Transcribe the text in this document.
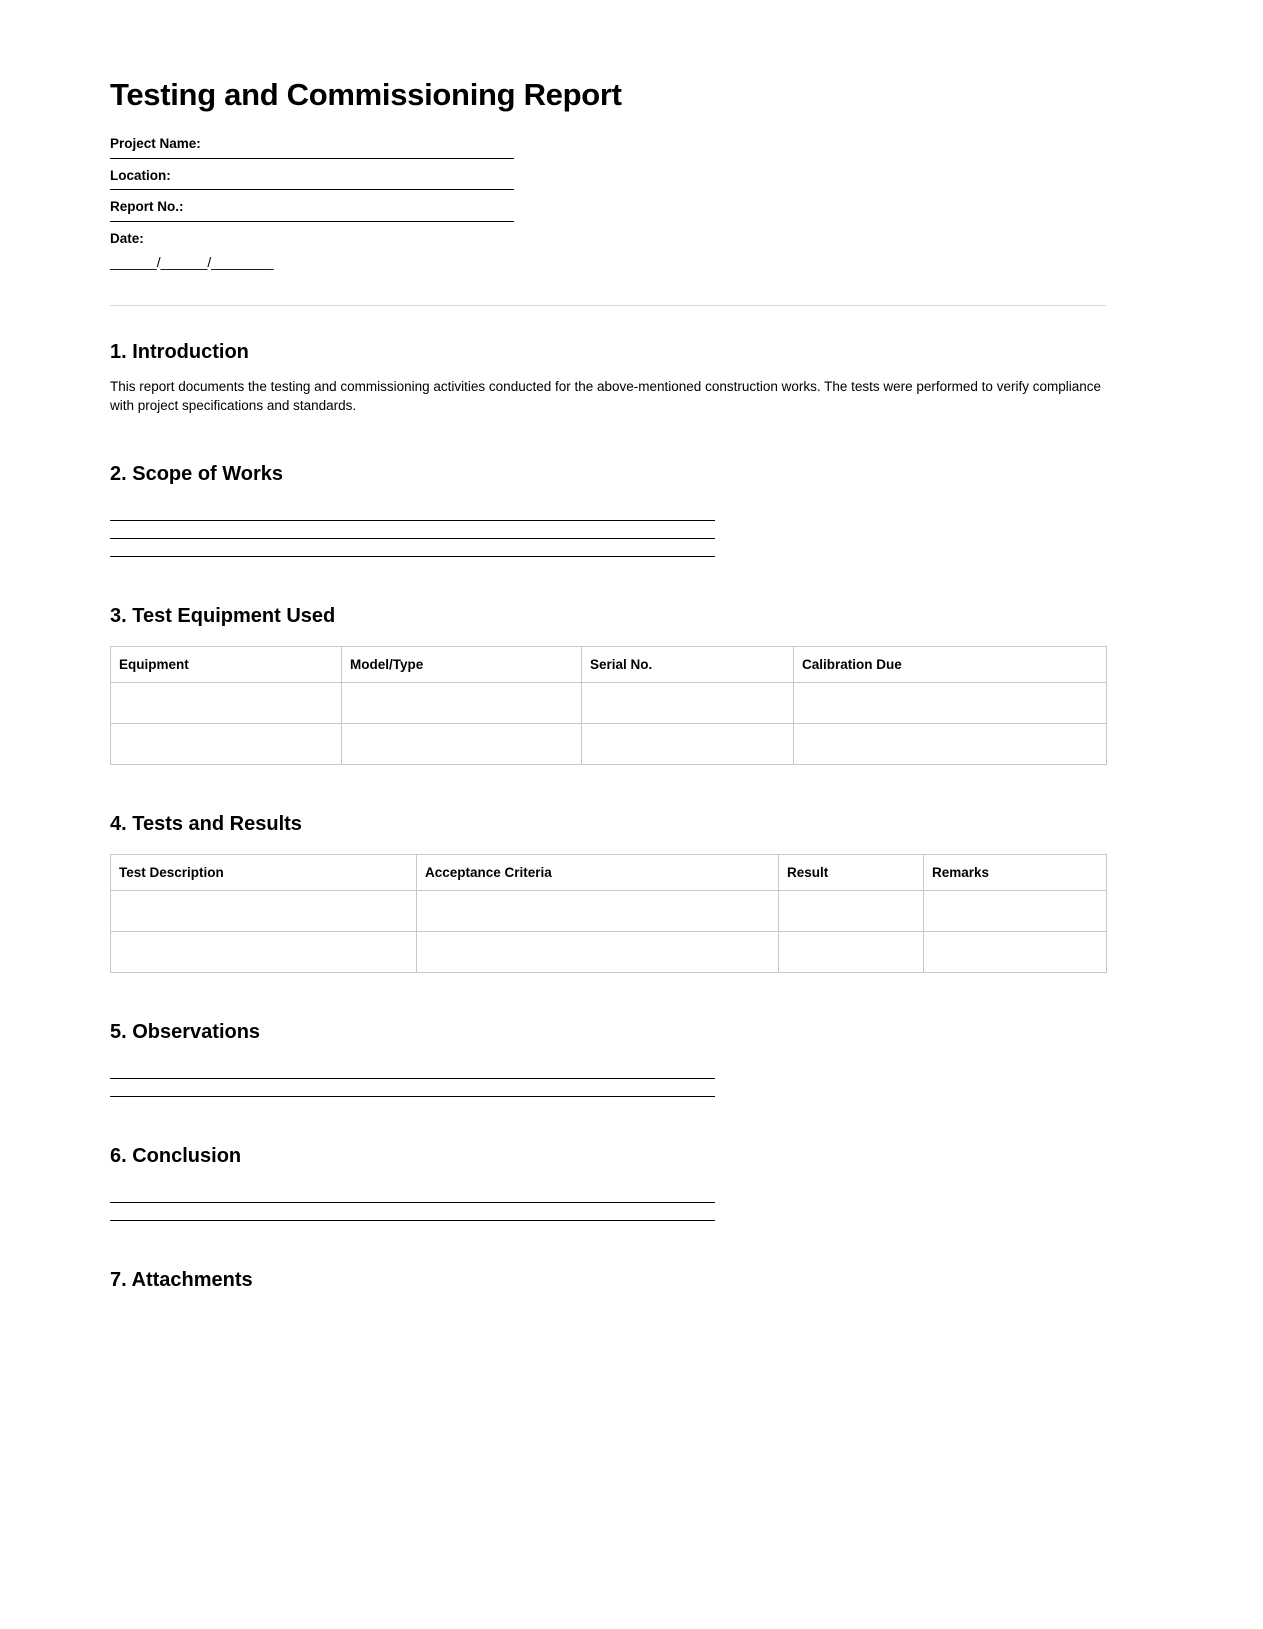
Testing and Commissioning Report
Project Name:
Location:
Report No.:
Date:
______/______/________
1. Introduction

This report documents the testing and commissioning activities conducted for the above-mentioned construction works. The tests were performed to verify compliance with project specifications and standards.

2. Scope of Works
3. Test Equipment Used
Equipment	Model/Type	Serial No.	Calibration Due

4. Tests and Results
Test Description	Acceptance Criteria	Result	Remarks

5. Observations
6. Conclusion
7. Attachments
